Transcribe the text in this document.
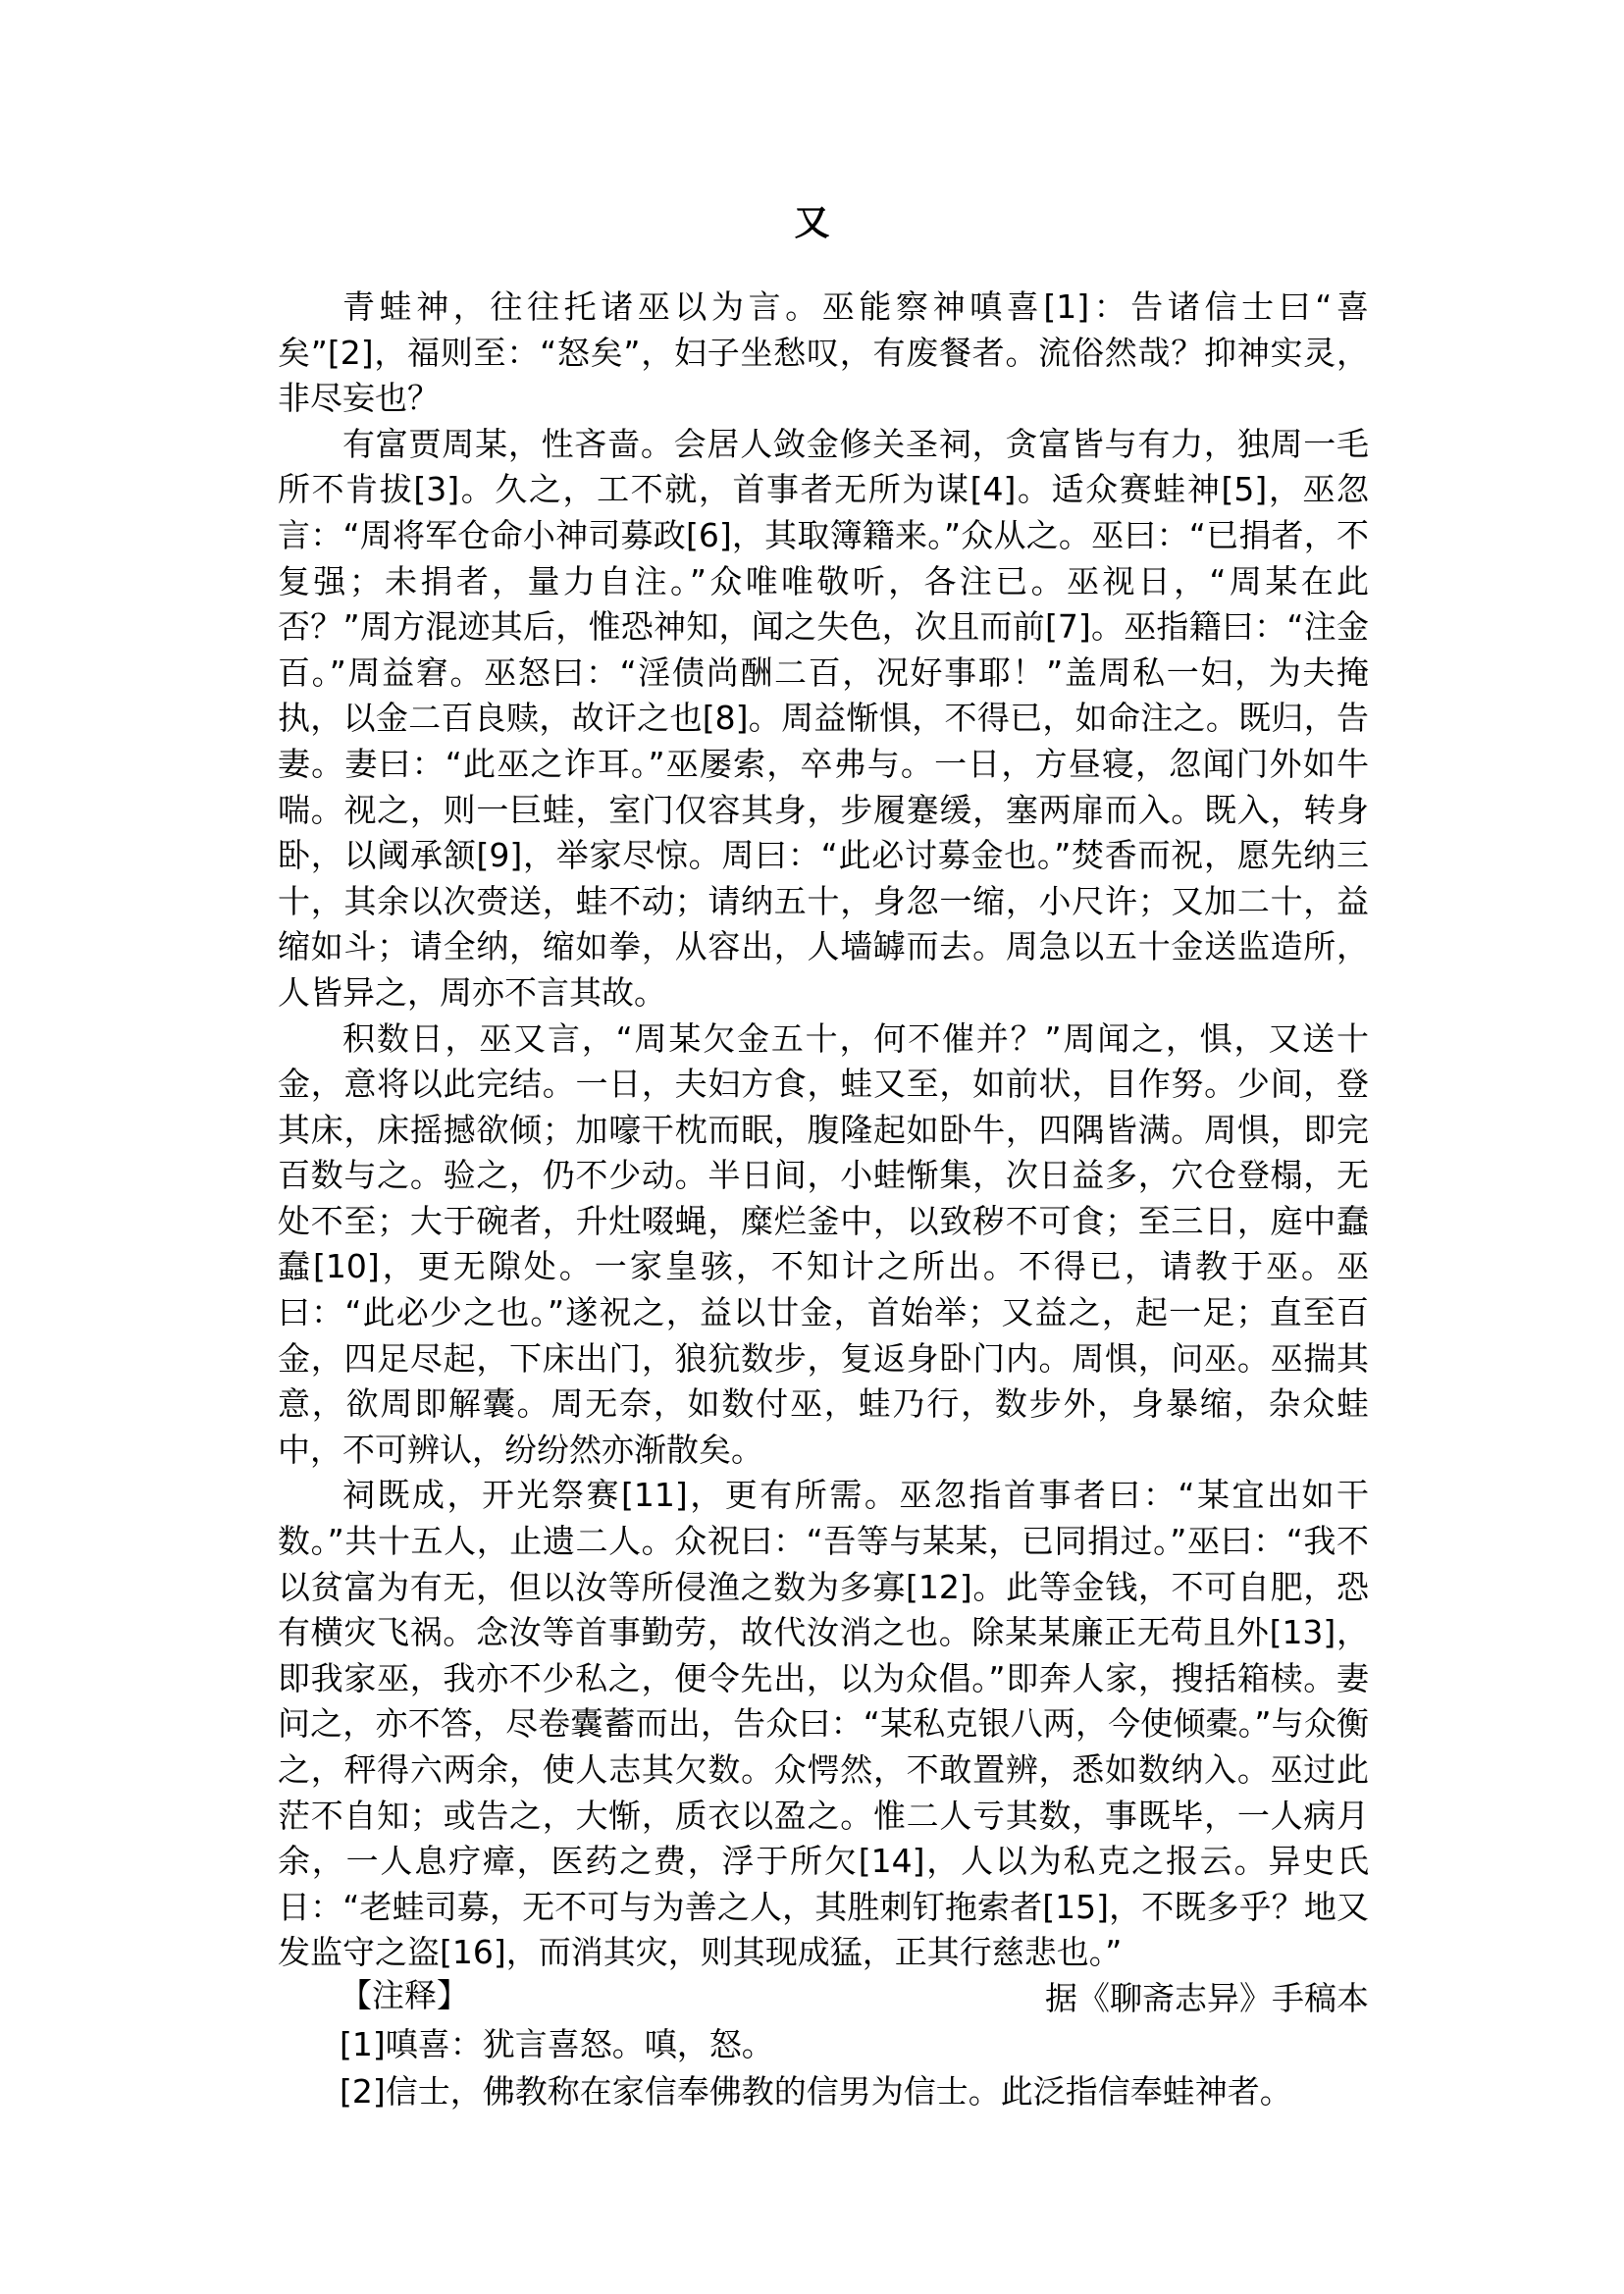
又

青蛙神，往往托诸巫以为言。巫能察神嗔喜[1]：告诸信士曰“喜矣”[2]，福则至：“怒矣”，妇子坐愁叹，有废餐者。流俗然哉？抑神实灵，非尽妄也？

有富贾周某，性吝啬。会居人敛金修关圣祠，贪富皆与有力，独周一毛所不肯拔[3]。久之，工不就，首事者无所为谋[4]。适众赛蛙神[5]，巫忽言：“周将军仓命小神司募政[6]，其取簿籍来。”众从之。巫曰：“已捐者，不复强；未捐者，量力自注。”众唯唯敬听，各注已。巫视日，“周某在此否？”周方混迹其后，惟恐神知，闻之失色，次且而前[7]。巫指籍曰：“注金百。”周益窘。巫怒曰：“淫债尚酬二百，况好事耶！”盖周私一妇，为夫掩执，以金二百良赎，故讦之也[8]。周益惭惧，不得已，如命注之。既归，告妻。妻曰：“此巫之诈耳。”巫屡索，卒弗与。一日，方昼寝，忽闻门外如牛喘。视之，则一巨蛙，室门仅容其身，步履蹇缓，塞两扉而入。既入，转身卧，以阈承颔[9]，举家尽惊。周曰：“此必讨募金也。”焚香而祝，愿先纳三十，其余以次赍送，蛙不动；请纳五十，身忽一缩，小尺许；又加二十，益缩如斗；请全纳，缩如拳，从容出，人墙罅而去。周急以五十金送监造所，人皆异之，周亦不言其故。

积数日，巫又言，“周某欠金五十，何不催并？”周闻之，惧，又送十金，意将以此完结。一日，夫妇方食，蛙又至，如前状，目作努。少间，登其床，床摇撼欲倾；加嚎干枕而眠，腹隆起如卧牛，四隅皆满。周惧，即完百数与之。验之，仍不少动。半日间，小蛙惭集，次日益多，穴仓登榻，无处不至；大于碗者，升灶啜蝇，糜烂釜中，以致秽不可食；至三日，庭中蠢蠢[10]，更无隙处。一家皇骇，不知计之所出。不得已，请教于巫。巫曰：“此必少之也。”遂祝之，益以廿金，首始举；又益之，起一足；直至百金，四足尽起，下床出门，狼犺数步，复返身卧门内。周惧，问巫。巫揣其意，欲周即解囊。周无奈，如数付巫，蛙乃行，数步外，身暴缩，杂众蛙中，不可辨认，纷纷然亦渐散矣。

祠既成，开光祭赛[11]，更有所需。巫忽指首事者曰：“某宜出如干数。”共十五人，止遗二人。众祝曰：“吾等与某某，已同捐过。”巫曰：“我不以贫富为有无，但以汝等所侵渔之数为多寡[12]。此等金钱，不可自肥，恐有横灾飞祸。念汝等首事勤劳，故代汝消之也。除某某廉正无苟且外[13]，即我家巫，我亦不少私之，便令先出，以为众倡。”即奔人家，搜括箱椟。妻问之，亦不答，尽卷囊蓄而出，告众曰：“某私克银八两，今使倾橐。”与众衡之，秤得六两余，使人志其欠数。众愕然，不敢置辨，悉如数纳入。巫过此茫不自知；或告之，大惭，质衣以盈之。惟二人亏其数，事既毕，一人病月余，一人息疗瘴，医药之费，浮于所欠[14]，人以为私克之报云。异史氏日：“老蛙司募，无不可与为善之人，其胜刺钉拖索者[15]，不既多乎？地又发监守之盗[16]，而消其灾，则其现成猛，正其行慈悲也。”

据《聊斋志异》手稿本

【注释】

[1]嗔喜：犹言喜怒。嗔，怒。

[2]信士，佛教称在家信奉佛教的信男为信士。此泛指信奉蛙神者。
